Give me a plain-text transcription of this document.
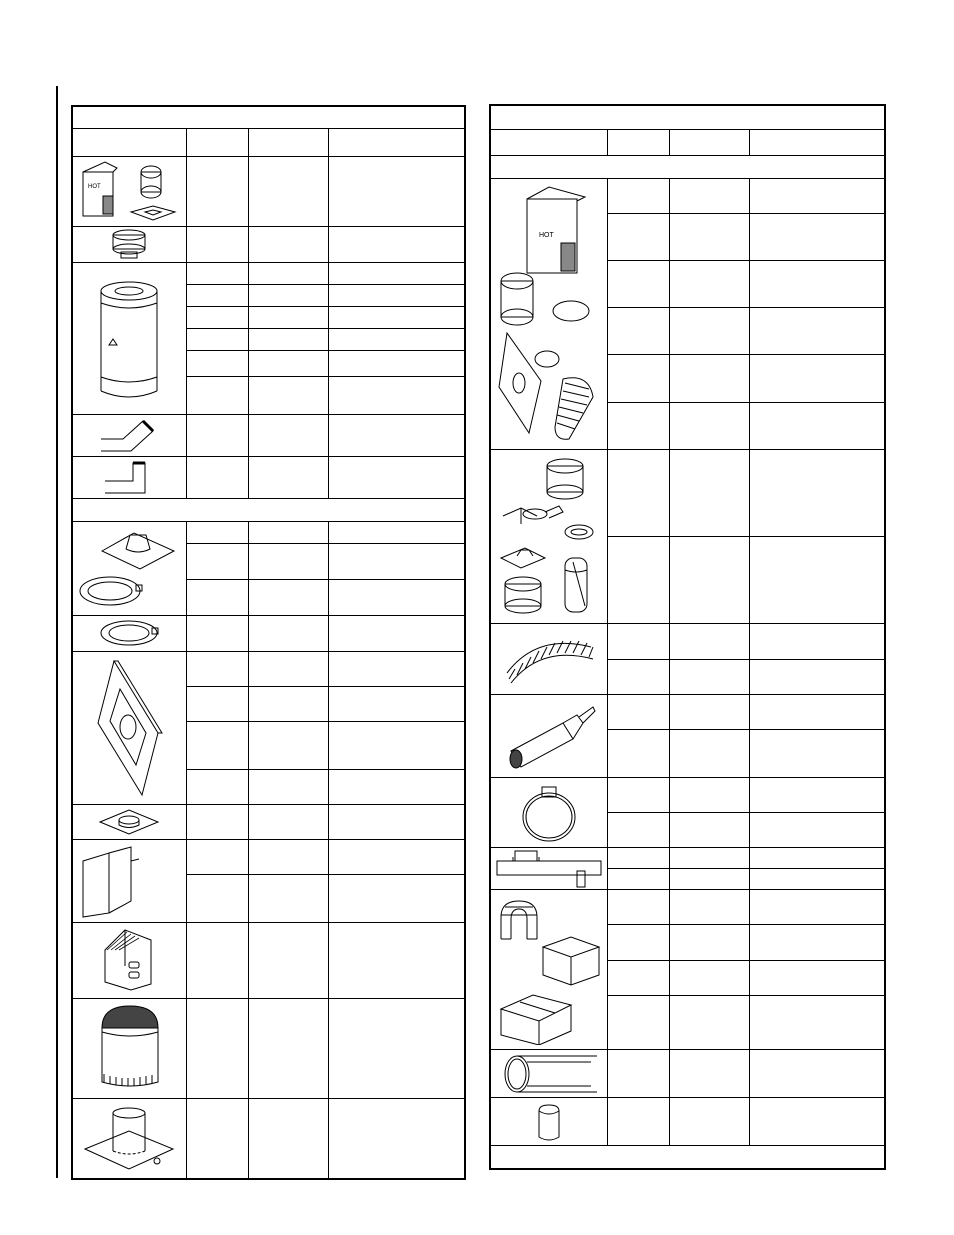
HOT			

HOT			
